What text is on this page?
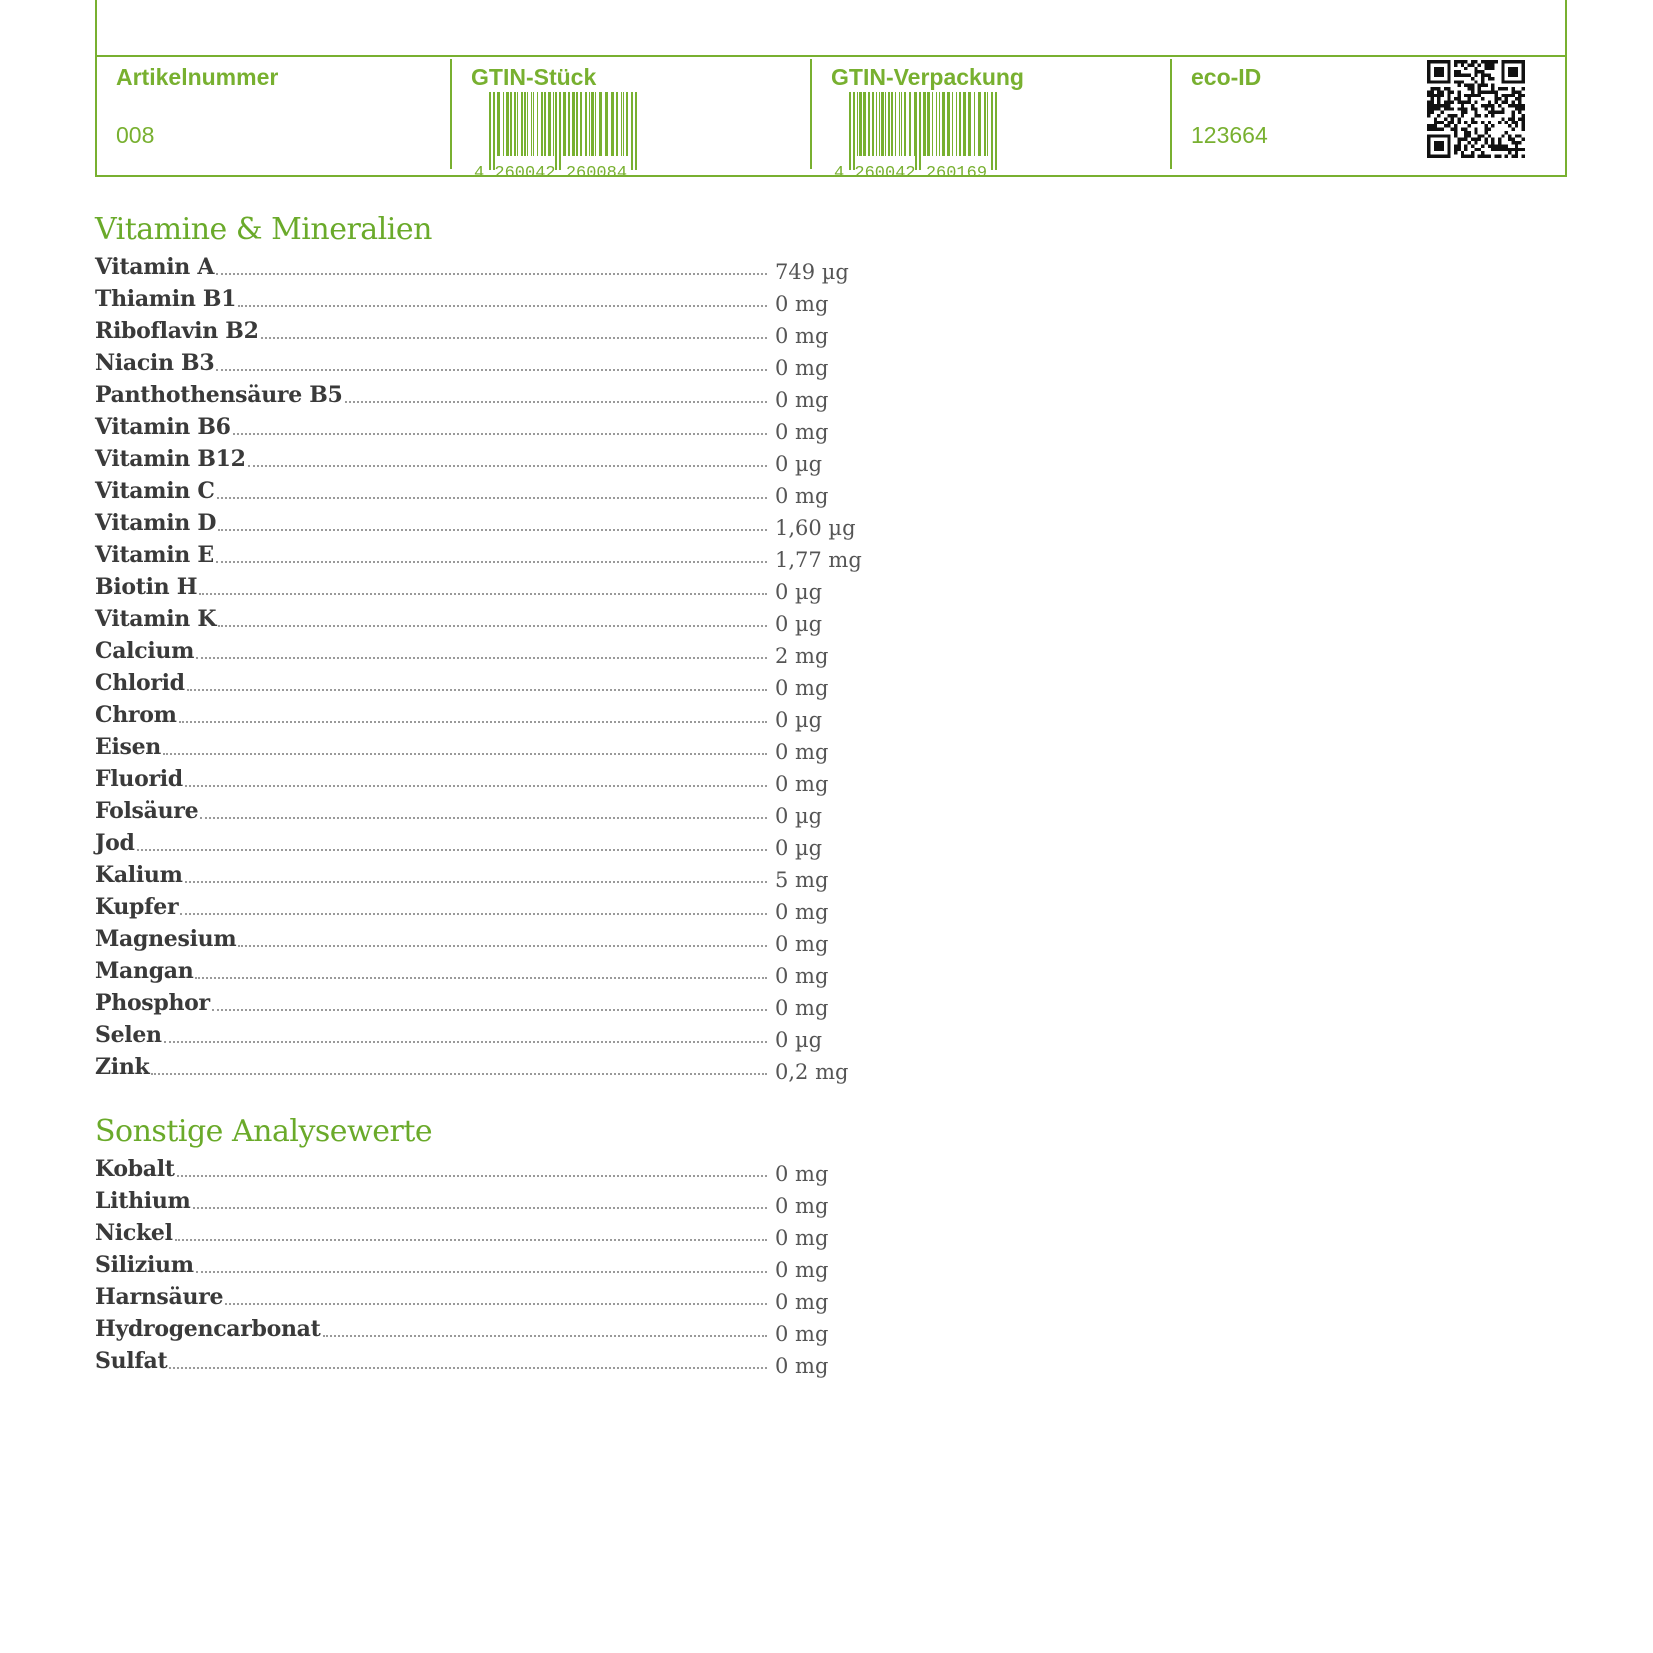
Artikelnummer
008
GTIN-Stück
4 260042 260084
GTIN-Verpackung
4 260042 260169
eco-ID
123664
Vitamine & Mineralien
Vitamin A	749 µg
Thiamin B1	0 mg
Riboflavin B2	0 mg
Niacin B3	0 mg
Panthothensäure B5	0 mg
Vitamin B6	0 mg
Vitamin B12	0 µg
Vitamin C	0 mg
Vitamin D	1,60 µg
Vitamin E	1,77 mg
Biotin H	0 µg
Vitamin K	0 µg
Calcium	2 mg
Chlorid	0 mg
Chrom	0 µg
Eisen	0 mg
Fluorid	0 mg
Folsäure	0 µg
Jod	0 µg
Kalium	5 mg
Kupfer	0 mg
Magnesium	0 mg
Mangan	0 mg
Phosphor	0 mg
Selen	0 µg
Zink	0,2 mg
Sonstige Analysewerte
Kobalt	0 mg
Lithium	0 mg
Nickel	0 mg
Silizium	0 mg
Harnsäure	0 mg
Hydrogencarbonat	0 mg
Sulfat	0 mg
